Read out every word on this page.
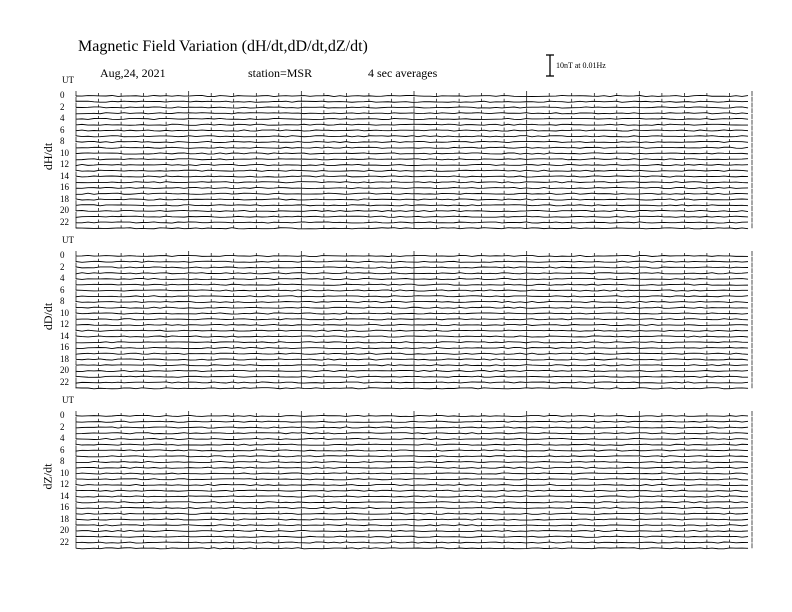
Magnetic Field Variation (dH/dt,dD/dt,dZ/dt)
Aug,24, 2021	station=MSR	4 sec averages
10nT at 0.01Hz
UT
0
2
4
6
8
10
12
14
16
18
20
22
dH/dt
UT
0
2
4
6
8
10
12
14
16
18
20
22
dD/dt
UT
0
2
4
6
8
10
12
14
16
18
20
22
dZ/dt
